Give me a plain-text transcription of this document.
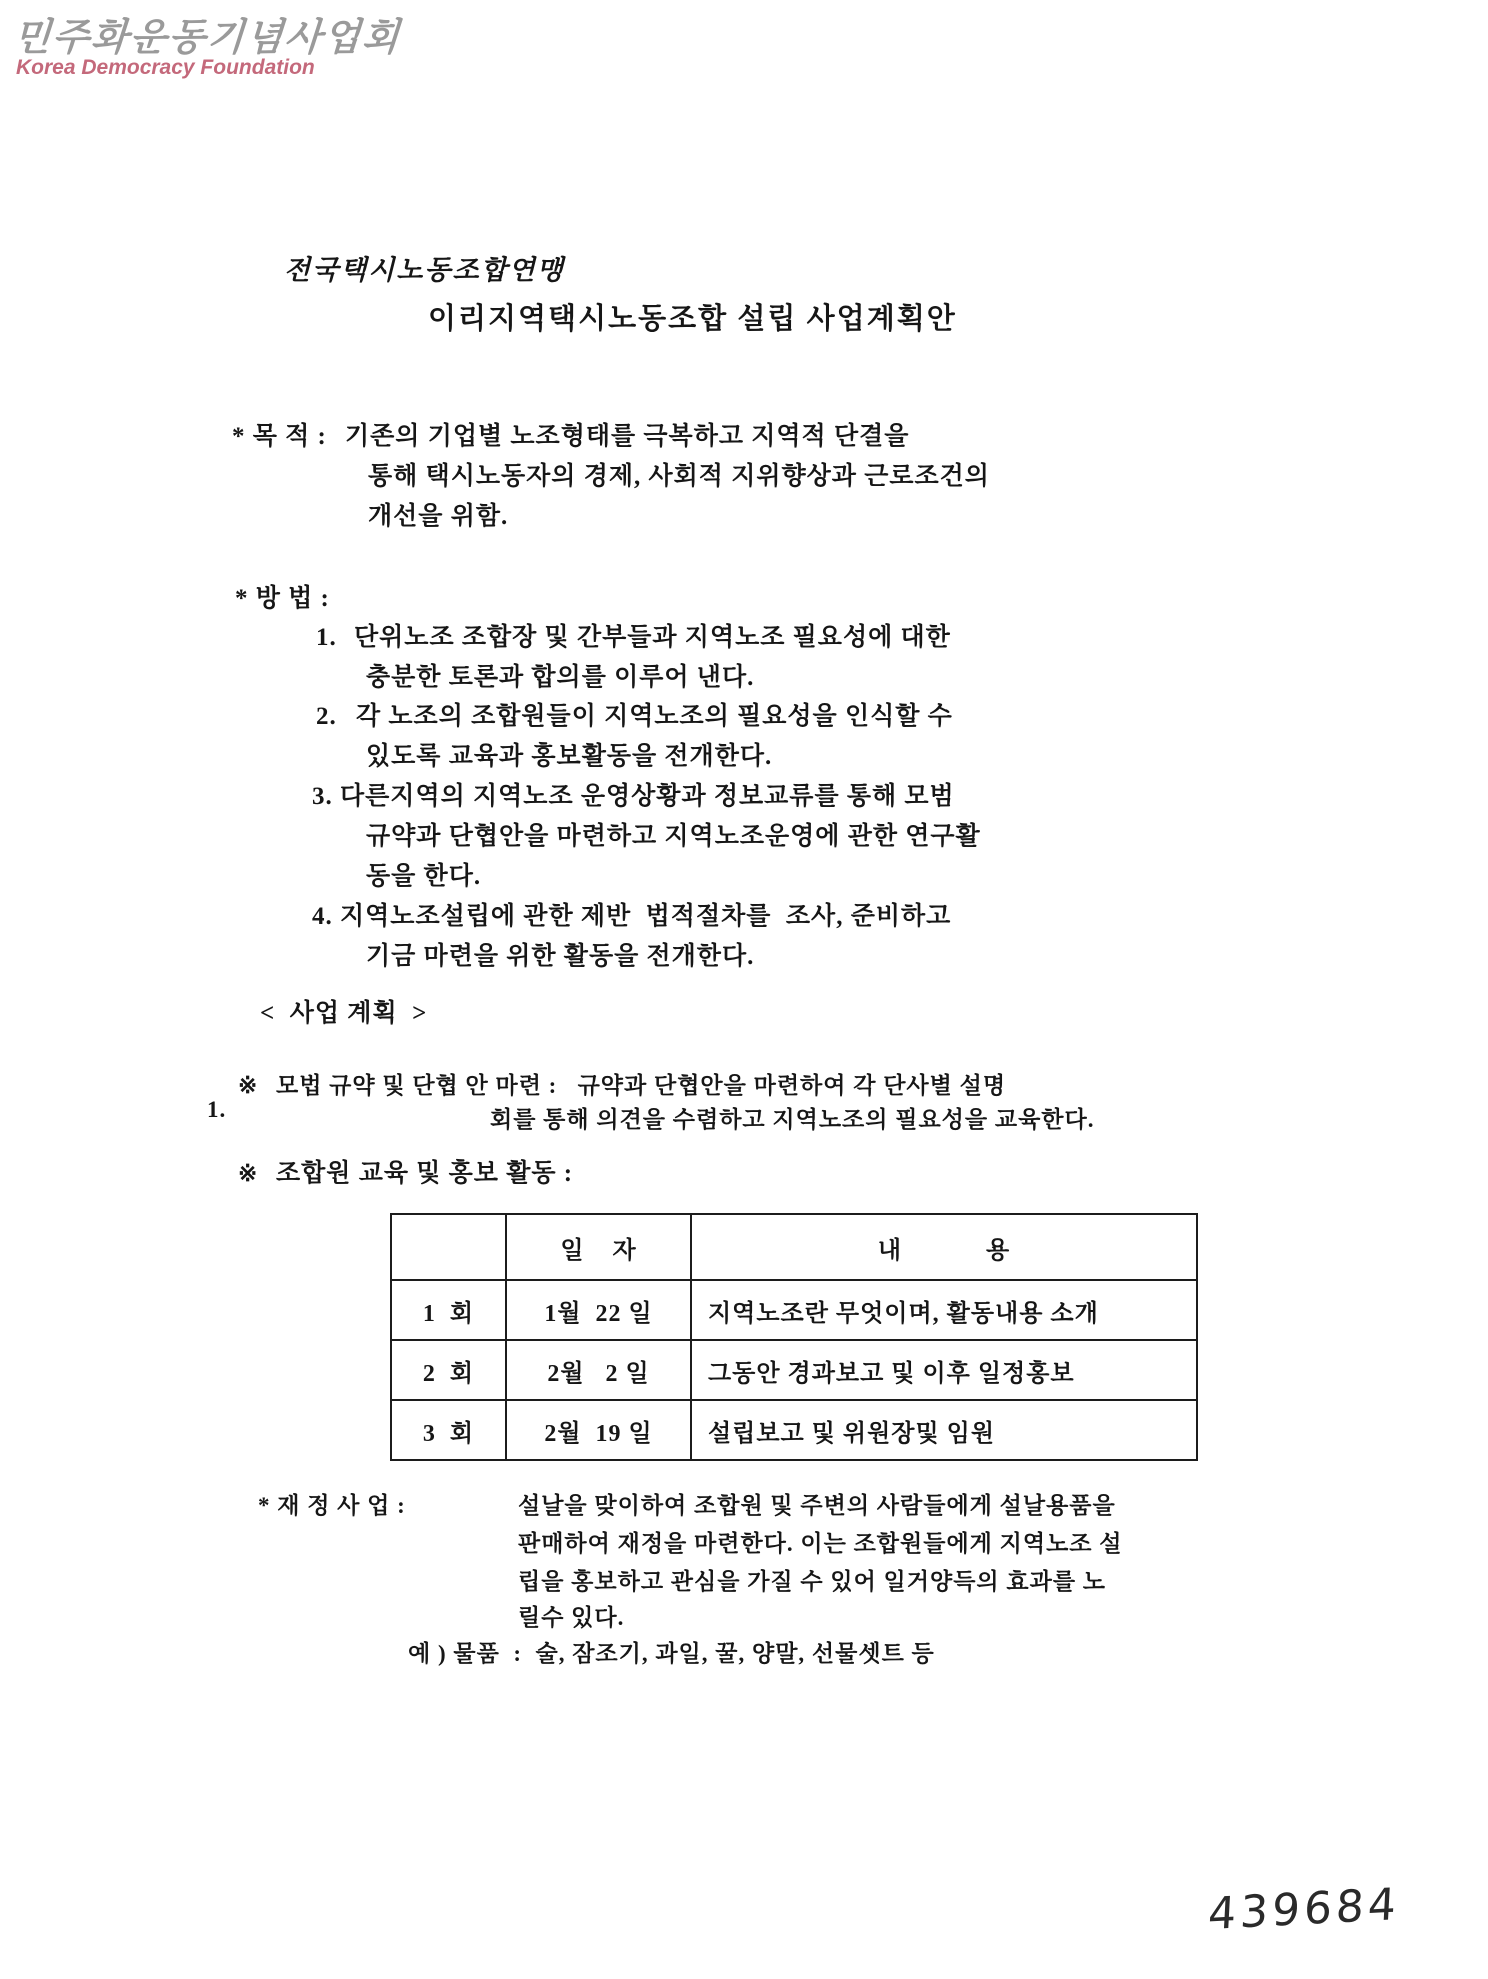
민주화운동기념사업회
Korea Democracy Foundation
전국택시노동조합연맹
이리지역택시노동조합 설립 사업계획안
* 목 적 : 기존의 기업별 노조형태를 극복하고 지역적 단결을
통해 택시노동자의 경제, 사회적 지위향상과 근로조건의
개선을 위함.
* 방 법 :
1. 단위노조 조합장 및 간부들과 지역노조 필요성에 대한
충분한 토론과 합의를 이루어 낸다.
2. 각 노조의 조합원들이 지역노조의 필요성을 인식할 수
있도록 교육과 홍보활동을 전개한다.
3. 다른지역의 지역노조 운영상황과 정보교류를 통해 모범
규약과 단협안을 마련하고 지역노조운영에 관한 연구활
동을 한다.
4. 지역노조설립에 관한 제반  법적절차를  조사, 준비하고
기금 마련을 위한 활동을 전개한다.
<  사업 계획  >
※ 모법 규약 및 단협 안 마련 :   규약과 단협안을 마련하여 각 단사별 설명
1.	회를 통해 의견을 수렴하고 지역노조의 필요성을 교육한다.
※ 조합원 교육 및 홍보 활동 :
	일    자	내            용
1  회	1월  22 일	지역노조란 무엇이며, 활동내용 소개
2  회	2월   2 일	그동안 경과보고 및 이후 일정홍보
3  회	2월  19 일	설립보고 및 위원장및 임원
* 재 정 사 업 :	설날을 맞이하여 조합원 및 주변의 사람들에게 설날용품을
판매하여 재정을 마련한다. 이는 조합원들에게 지역노조 설
립을 홍보하고 관심을 가질 수 있어 일거양득의 효과를 노
릴수 있다.
예 ) 물품  :  술, 잠조기, 과일, 꿀, 양말, 선물셋트 등
439684
